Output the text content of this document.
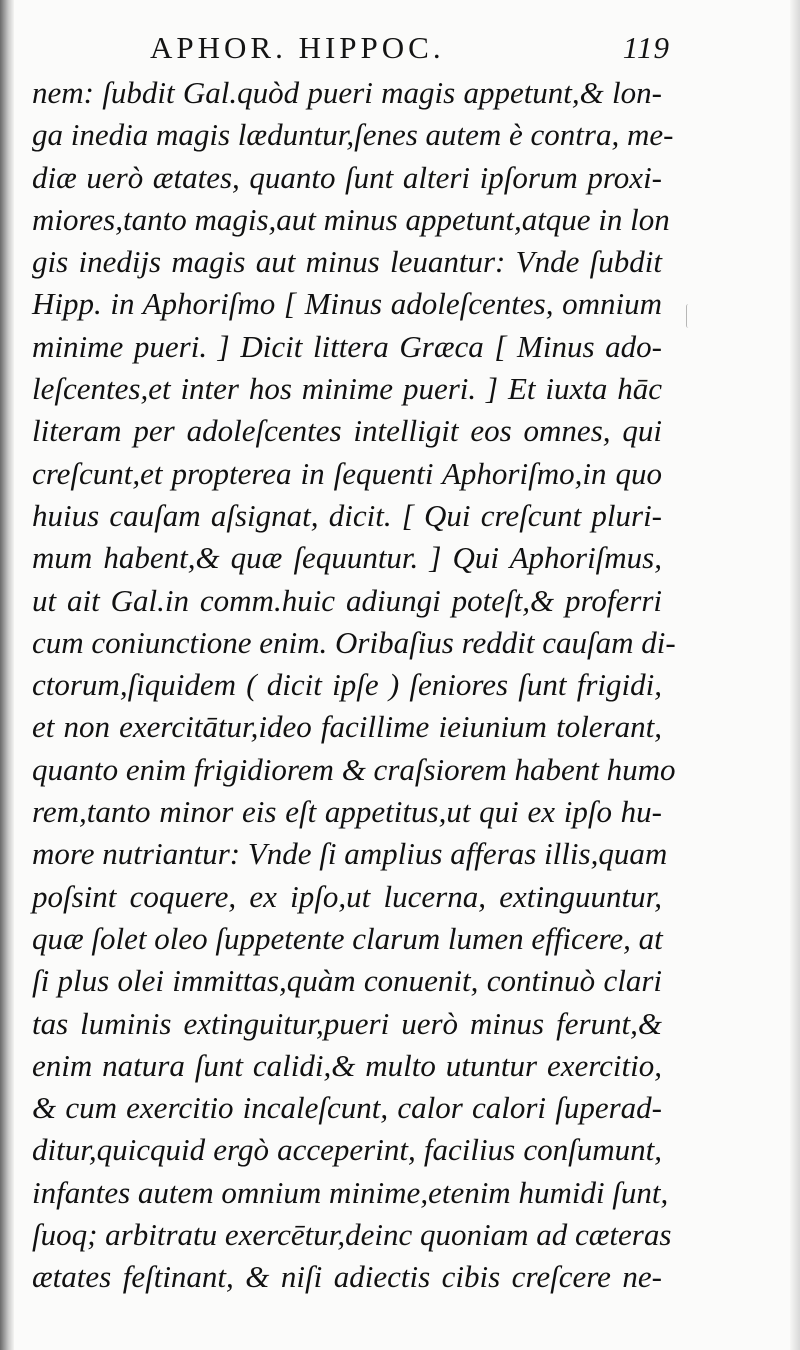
APHOR. HIPPOC.	119
nem: ſubdit Gal.quòd pueri magis appetunt,& lon-
ga inedia magis læduntur,ſenes autem è contra, me-
diæ uerò ætates, quanto ſunt alteri ipſorum proxi-
miores,tanto magis,aut minus appetunt,atque in lon
gis inedijs magis aut minus leuantur: Vnde ſubdit
Hipp. in Aphoriſmo [ Minus adoleſcentes, omnium
minime pueri. ] Dicit littera Græca [ Minus ado-
leſcentes,et inter hos minime pueri. ] Et iuxta hāc
literam per adoleſcentes intelligit eos omnes, qui
creſcunt,et propterea in ſequenti Aphoriſmo,in quo
huius cauſam aſsignat, dicit. [ Qui creſcunt pluri-
mum habent,& quæ ſequuntur. ] Qui Aphoriſmus,
ut ait Gal.in comm.huic adiungi poteſt,& proferri
cum coniunctione enim. Oribaſius reddit cauſam di-
ctorum,ſiquidem ( dicit ipſe ) ſeniores ſunt frigidi,
et non exercitātur,ideo facillime ieiunium tolerant,
quanto enim frigidiorem & craſsiorem habent humo
rem,tanto minor eis eſt appetitus,ut qui ex ipſo hu-
more nutriantur: Vnde ſi amplius afferas illis,quam
poſsint coquere, ex ipſo,ut lucerna, extinguuntur,
quæ ſolet oleo ſuppetente clarum lumen efficere, at
ſi plus olei immittas,quàm conuenit, continuò clari
tas luminis extinguitur,pueri uerò minus ferunt,&
enim natura ſunt calidi,& multo utuntur exercitio,
& cum exercitio incaleſcunt, calor calori ſuperad-
ditur,quicquid ergò acceperint, facilius conſumunt,
infantes autem omnium minime,etenim humidi ſunt,
ſuoq; arbitratu exercētur,deinc quoniam ad cæteras
ætates feſtinant, & niſi adiectis cibis creſcere ne-
